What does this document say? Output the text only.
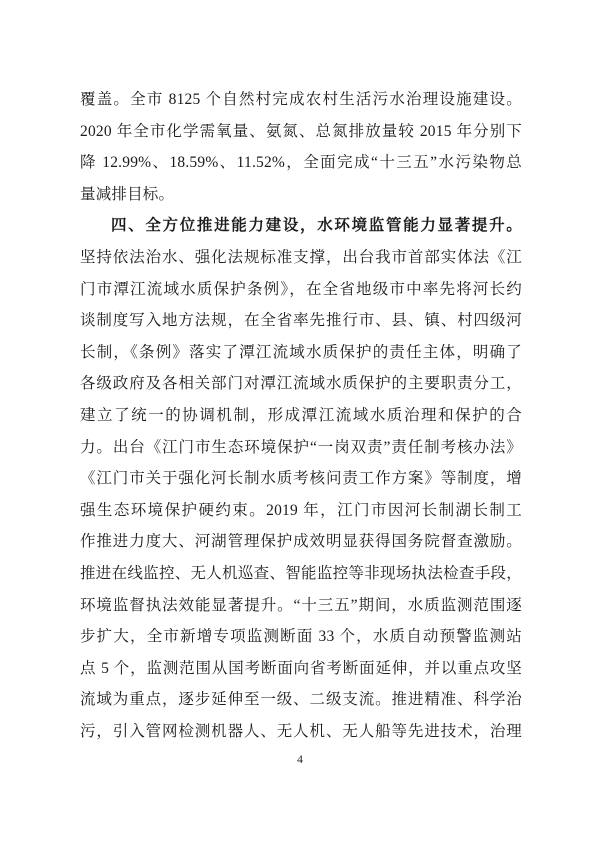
覆盖。全市 8125 个自然村完成农村生活污水治理设施建设。
2020 年全市化学需氧量、氨氮、总氮排放量较 2015 年分别下
降 12.99%、18.59%、11.52%，全面完成“十三五”水污染物总
量减排目标。
四、全方位推进能力建设，水环境监管能力显著提升。
坚持依法治水、强化法规标准支撑，出台我市首部实体法《江
门市潭江流域水质保护条例》，在全省地级市中率先将河长约
谈制度写入地方法规，在全省率先推行市、县、镇、村四级河
长制，《条例》落实了潭江流域水质保护的责任主体，明确了
各级政府及各相关部门对潭江流域水质保护的主要职责分工，
建立了统一的协调机制，形成潭江流域水质治理和保护的合
力。出台《江门市生态环境保护“一岗双责”责任制考核办法》
《江门市关于强化河长制水质考核问责工作方案》等制度，增
强生态环境保护硬约束。2019 年，江门市因河长制湖长制工
作推进力度大、河湖管理保护成效明显获得国务院督查激励。
推进在线监控、无人机巡查、智能监控等非现场执法检查手段，
环境监督执法效能显著提升。“十三五”期间，水质监测范围逐
步扩大，全市新增专项监测断面 33 个，水质自动预警监测站
点 5 个，监测范围从国考断面向省考断面延伸，并以重点攻坚
流域为重点，逐步延伸至一级、二级支流。推进精准、科学治
污，引入管网检测机器人、无人机、无人船等先进技术，治理
4
